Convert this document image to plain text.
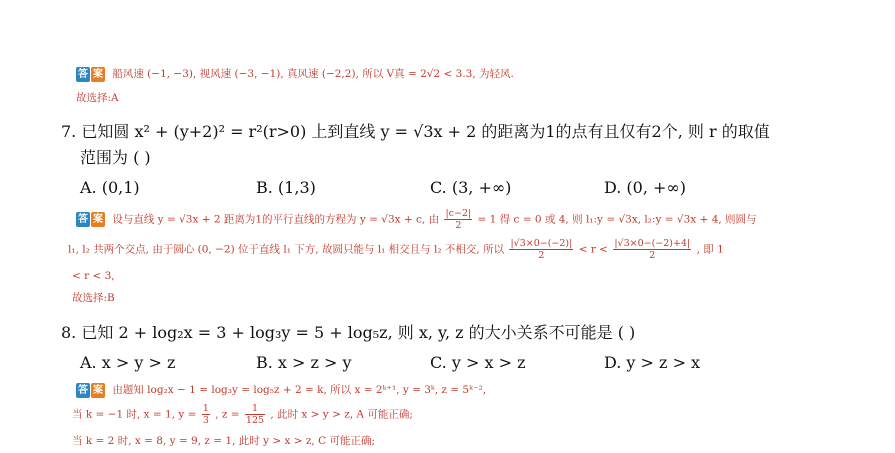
答 案 船风速 (−1, −3), 视风速 (−3, −1), 真风速 (−2,2), 所以 V真 = 2√2 < 3.3, 为轻风.
故选择:A
7. 已知圆 x² + (y+2)² = r²(r>0) 上到直线 y = √3x + 2 的距离为1的点有且仅有2个, 则 r 的取值
范围为 ( )
A. (0,1)	B. (1,3)	C. (3, +∞)	D. (0, +∞)
答 案 设与直线 y = √3x + 2 距离为1的平行直线的方程为 y = √3x + c, 由 $\frac{|c-2|}{2} = 1$ 得 c = 0 或 4, 则 l₁:y = √3x, l₂:y = √3x + 4, 则圆与
l₁, l₂ 共两个交点, 由于圆心 (0, −2) 位于直线 l₁ 下方, 故圆只能与 l₁ 相交且与 l₂ 不相交, 所以 $\frac{|√3\times 0-(-2)|}{2} < r < \frac{|√3\times 0-(-2)+4|}{2}$ , 即 1
< r < 3,
故选择:B
8. 已知 2 + log₂x = 3 + log₃y = 5 + log₅z, 则 x, y, z 的大小关系不可能是 ( )
A. x > y > z	B. x > z > y	C. y > x > z	D. y > z > x
答 案 由题知 log₂x − 1 = log₃y = log₅z + 2 = k, 所以 x = 2ᵏ⁺¹, y = 3ᵏ, z = 5ᵏ⁻²,
当 k = −1 时, x = 1, $y = \frac{1}{3}$ , $z = \frac{1}{125}$ , 此时 x > y > z, A 可能正确;
当 k = 2 时, x = 8, y = 9, z = 1, 此时 y > x > z, C 可能正确;
